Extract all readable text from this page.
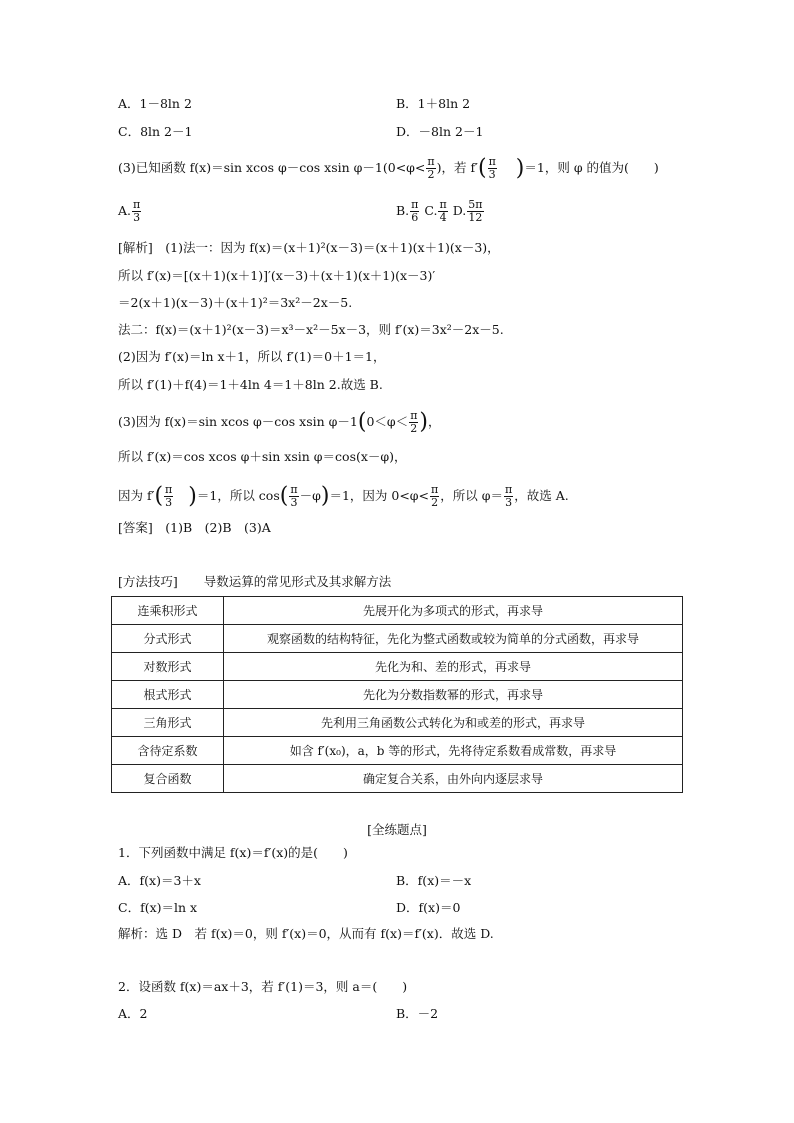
A．1－8ln 2	B．1＋8ln 2
C．8ln 2－1	D．－8ln 2－1
(3)已知函数 f(x)＝sin xcos φ－cos xsin $\varphi-1(0<\varphi< \frac{\pi}{2}$ )，若 $f'( \frac{\pi}{3} )=1$，则 φ 的值为(　　)
A. $\frac{\pi}{3}$	B. $\frac{\pi}{6} C$. $\frac{\pi}{4} D$. $\frac{5\pi}{12}$
[解析]　(1)法一：因为 f(x)＝(x＋1)²(x－3)＝(x＋1)(x＋1)(x－3)，
所以 f′(x)＝[(x＋1)(x＋1)]′(x－3)＋(x＋1)(x＋1)(x－3)′
＝2(x＋1)(x－3)＋(x＋1)²＝3x²－2x－5.
法二：f(x)＝(x＋1)²(x－3)＝x³－x²－5x－3，则 f′(x)＝3x²－2x－5.
(2)因为 f′(x)＝ln x＋1，所以 f′(1)＝0＋1＝1，
所以 f′(1)＋f(4)＝1＋4ln 4＝1＋8ln 2.故选 B.
(3)因为 f(x)＝sin xcos φ－cos xsin $\varphi-1(0<\varphi< \frac{\pi}{2}$ )，
所以 f′(x)＝cos xcos φ＋sin xsin φ＝cos(x－φ)，
因为 $f'( \frac{\pi}{3} )=1$，所以 $\cos( \frac{\pi}{3} -\varphi)=1$，因为 $0<\varphi< \frac{\pi}{2}$ ，所以 $\varphi= \frac{\pi}{3}$ ，故选 A.
[答案]　(1)B　(2)B　(3)A
[方法技巧] 导数运算的常见形式及其求解方法
连乘积形式	先展开化为多项式的形式，再求导
分式形式	观察函数的结构特征，先化为整式函数或较为简单的分式函数，再求导
对数形式	先化为和、差的形式，再求导
根式形式	先化为分数指数幂的形式，再求导
三角形式	先利用三角函数公式转化为和或差的形式，再求导
含待定系数	如含 f′(x₀)，a，b 等的形式，先将待定系数看成常数，再求导
复合函数	确定复合关系，由外向内逐层求导
[全练题点]
1．下列函数中满足 f(x)＝f′(x)的是(　　)
A．f(x)＝3＋x	B．f(x)＝－x
C．f(x)＝ln x	D．f(x)＝0
解析：选 D　若 f(x)＝0，则 f′(x)＝0，从而有 f(x)＝f′(x)．故选 D.
2．设函数 f(x)＝ax＋3，若 f′(1)＝3，则 a＝(　　)
A．2	B．－2
